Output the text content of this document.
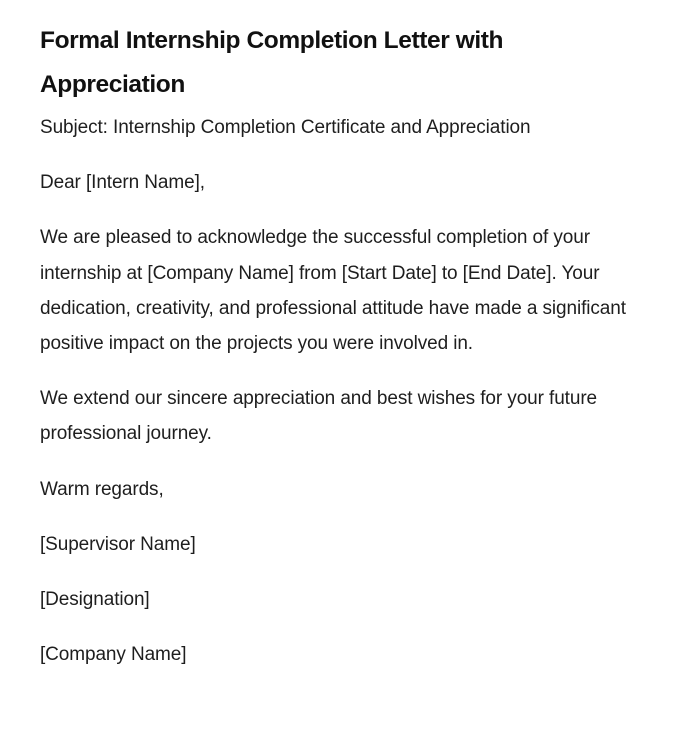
Formal Internship Completion Letter with Appreciation

Subject: Internship Completion Certificate and Appreciation

Dear [Intern Name],

We are pleased to acknowledge the successful completion of your internship at [Company Name] from [Start Date] to [End Date]. Your dedication, creativity, and professional attitude have made a significant positive impact on the projects you were involved in.

We extend our sincere appreciation and best wishes for your future professional journey.

Warm regards,

[Supervisor Name]

[Designation]

[Company Name]
